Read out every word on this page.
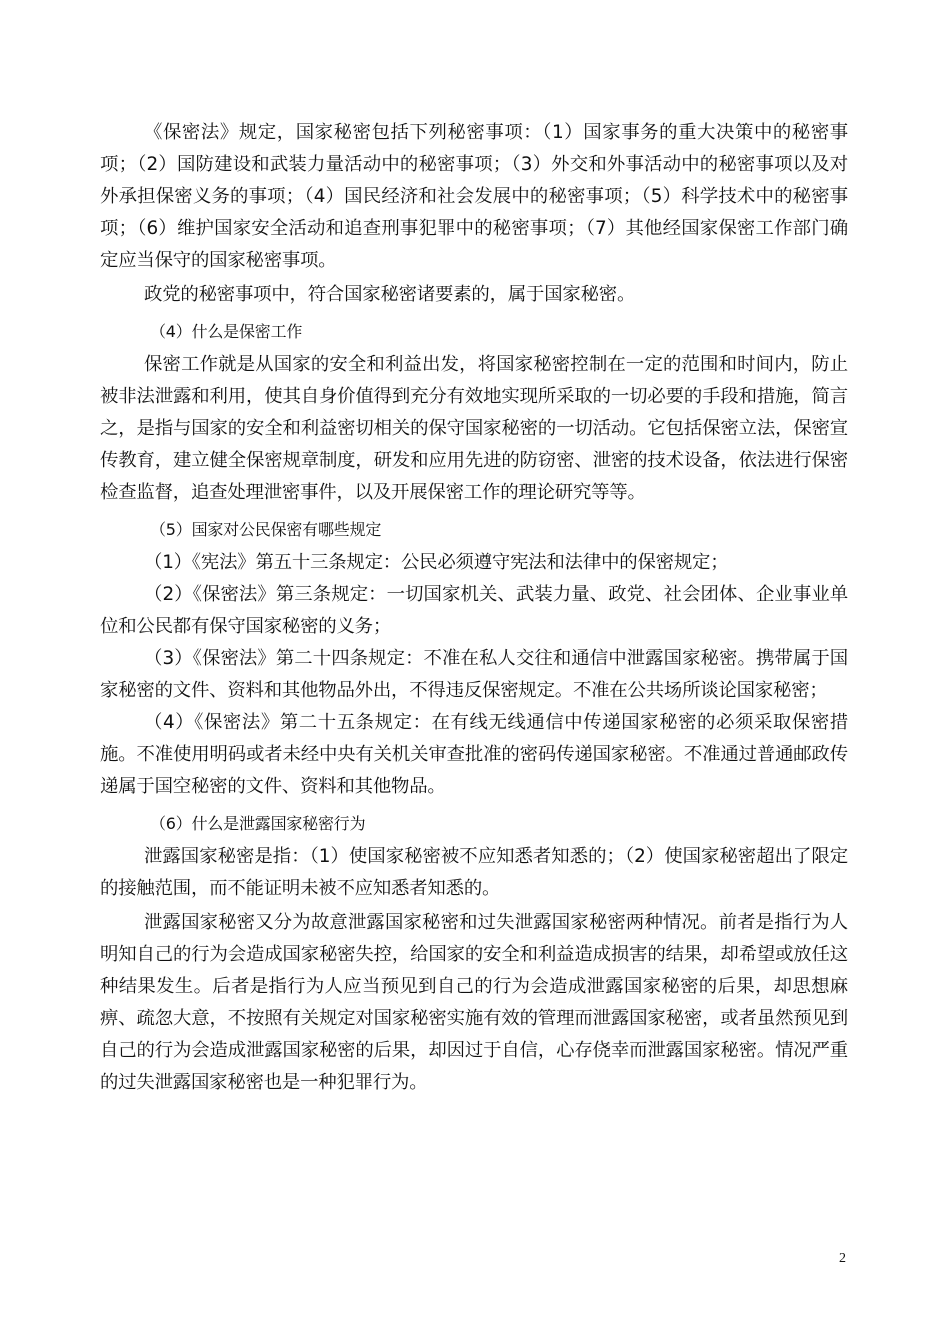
《保密法》规定，国家秘密包括下列秘密事项：（1）国家事务的重大决策中的秘密事项；（2）国防建设和武装力量活动中的秘密事项；（3）外交和外事活动中的秘密事项以及对外承担保密义务的事项；（4）国民经济和社会发展中的秘密事项；（5）科学技术中的秘密事项；（6）维护国家安全活动和追查刑事犯罪中的秘密事项；（7）其他经国家保密工作部门确定应当保守的国家秘密事项。

政党的秘密事项中，符合国家秘密诸要素的，属于国家秘密。

（4）什么是保密工作

保密工作就是从国家的安全和利益出发，将国家秘密控制在一定的范围和时间内，防止被非法泄露和利用，使其自身价值得到充分有效地实现所采取的一切必要的手段和措施，简言之，是指与国家的安全和利益密切相关的保守国家秘密的一切活动。它包括保密立法，保密宣传教育，建立健全保密规章制度，研发和应用先进的防窃密、泄密的技术设备，依法进行保密检查监督，追查处理泄密事件，以及开展保密工作的理论研究等等。

（5）国家对公民保密有哪些规定

（1）《宪法》第五十三条规定：公民必须遵守宪法和法律中的保密规定；

（2）《保密法》第三条规定：一切国家机关、武装力量、政党、社会团体、企业事业单位和公民都有保守国家秘密的义务；

（3）《保密法》第二十四条规定：不准在私人交往和通信中泄露国家秘密。携带属于国家秘密的文件、资料和其他物品外出，不得违反保密规定。不准在公共场所谈论国家秘密；

（4）《保密法》第二十五条规定：在有线无线通信中传递国家秘密的必须采取保密措施。不准使用明码或者未经中央有关机关审查批准的密码传递国家秘密。不准通过普通邮政传递属于国空秘密的文件、资料和其他物品。

（6）什么是泄露国家秘密行为

泄露国家秘密是指：（1）使国家秘密被不应知悉者知悉的；（2）使国家秘密超出了限定的接触范围，而不能证明未被不应知悉者知悉的。

泄露国家秘密又分为故意泄露国家秘密和过失泄露国家秘密两种情况。前者是指行为人明知自己的行为会造成国家秘密失控，给国家的安全和利益造成损害的结果，却希望或放任这种结果发生。后者是指行为人应当预见到自己的行为会造成泄露国家秘密的后果，却思想麻痹、疏忽大意，不按照有关规定对国家秘密实施有效的管理而泄露国家秘密，或者虽然预见到自己的行为会造成泄露国家秘密的后果，却因过于自信，心存侥幸而泄露国家秘密。情况严重的过失泄露国家秘密也是一种犯罪行为。

2
